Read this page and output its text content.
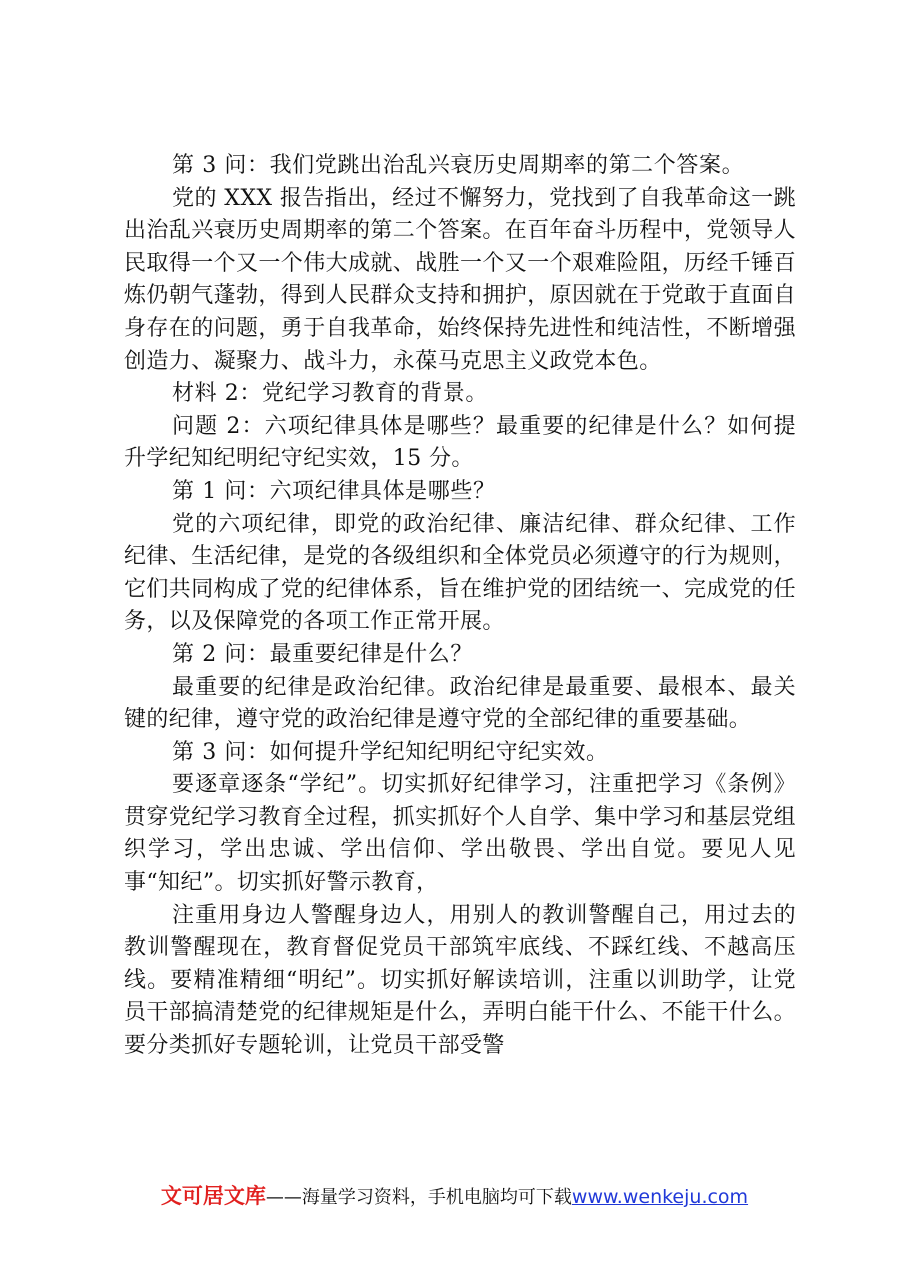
第 3 问：我们党跳出治乱兴衰历史周期率的第二个答案。

党的 XXX 报告指出，经过不懈努力，党找到了自我革命这一跳出治乱兴衰历史周期率的第二个答案。在百年奋斗历程中，党领导人民取得一个又一个伟大成就、战胜一个又一个艰难险阻，历经千锤百炼仍朝气蓬勃，得到人民群众支持和拥护，原因就在于党敢于直面自身存在的问题，勇于自我革命，始终保持先进性和纯洁性，不断增强创造力、凝聚力、战斗力，永葆马克思主义政党本色。

材料 2：党纪学习教育的背景。

问题 2：六项纪律具体是哪些？最重要的纪律是什么？如何提升学纪知纪明纪守纪实效，15 分。

第 1 问：六项纪律具体是哪些？

党的六项纪律，即党的政治纪律、廉洁纪律、群众纪律、工作纪律、生活纪律，是党的各级组织和全体党员必须遵守的行为规则，它们共同构成了党的纪律体系，旨在维护党的团结统一、完成党的任务，以及保障党的各项工作正常开展。

第 2 问：最重要纪律是什么？

最重要的纪律是政治纪律。政治纪律是最重要、最根本、最关键的纪律，遵守党的政治纪律是遵守党的全部纪律的重要基础。

第 3 问：如何提升学纪知纪明纪守纪实效。

要逐章逐条“学纪”。切实抓好纪律学习，注重把学习《条例》贯穿党纪学习教育全过程，抓实抓好个人自学、集中学习和基层党组织学习，学出忠诚、学出信仰、学出敬畏、学出自觉。要见人见事“知纪”。切实抓好警示教育，

注重用身边人警醒身边人，用别人的教训警醒自己，用过去的教训警醒现在，教育督促党员干部筑牢底线、不踩红线、不越高压线。要精准精细“明纪”。切实抓好解读培训，注重以训助学，让党员干部搞清楚党的纪律规矩是什么，弄明白能干什么、不能干什么。要分类抓好专题轮训，让党员干部受警

文可居文库——海量学习资料，手机电脑均可下载www.wenkeju.com
